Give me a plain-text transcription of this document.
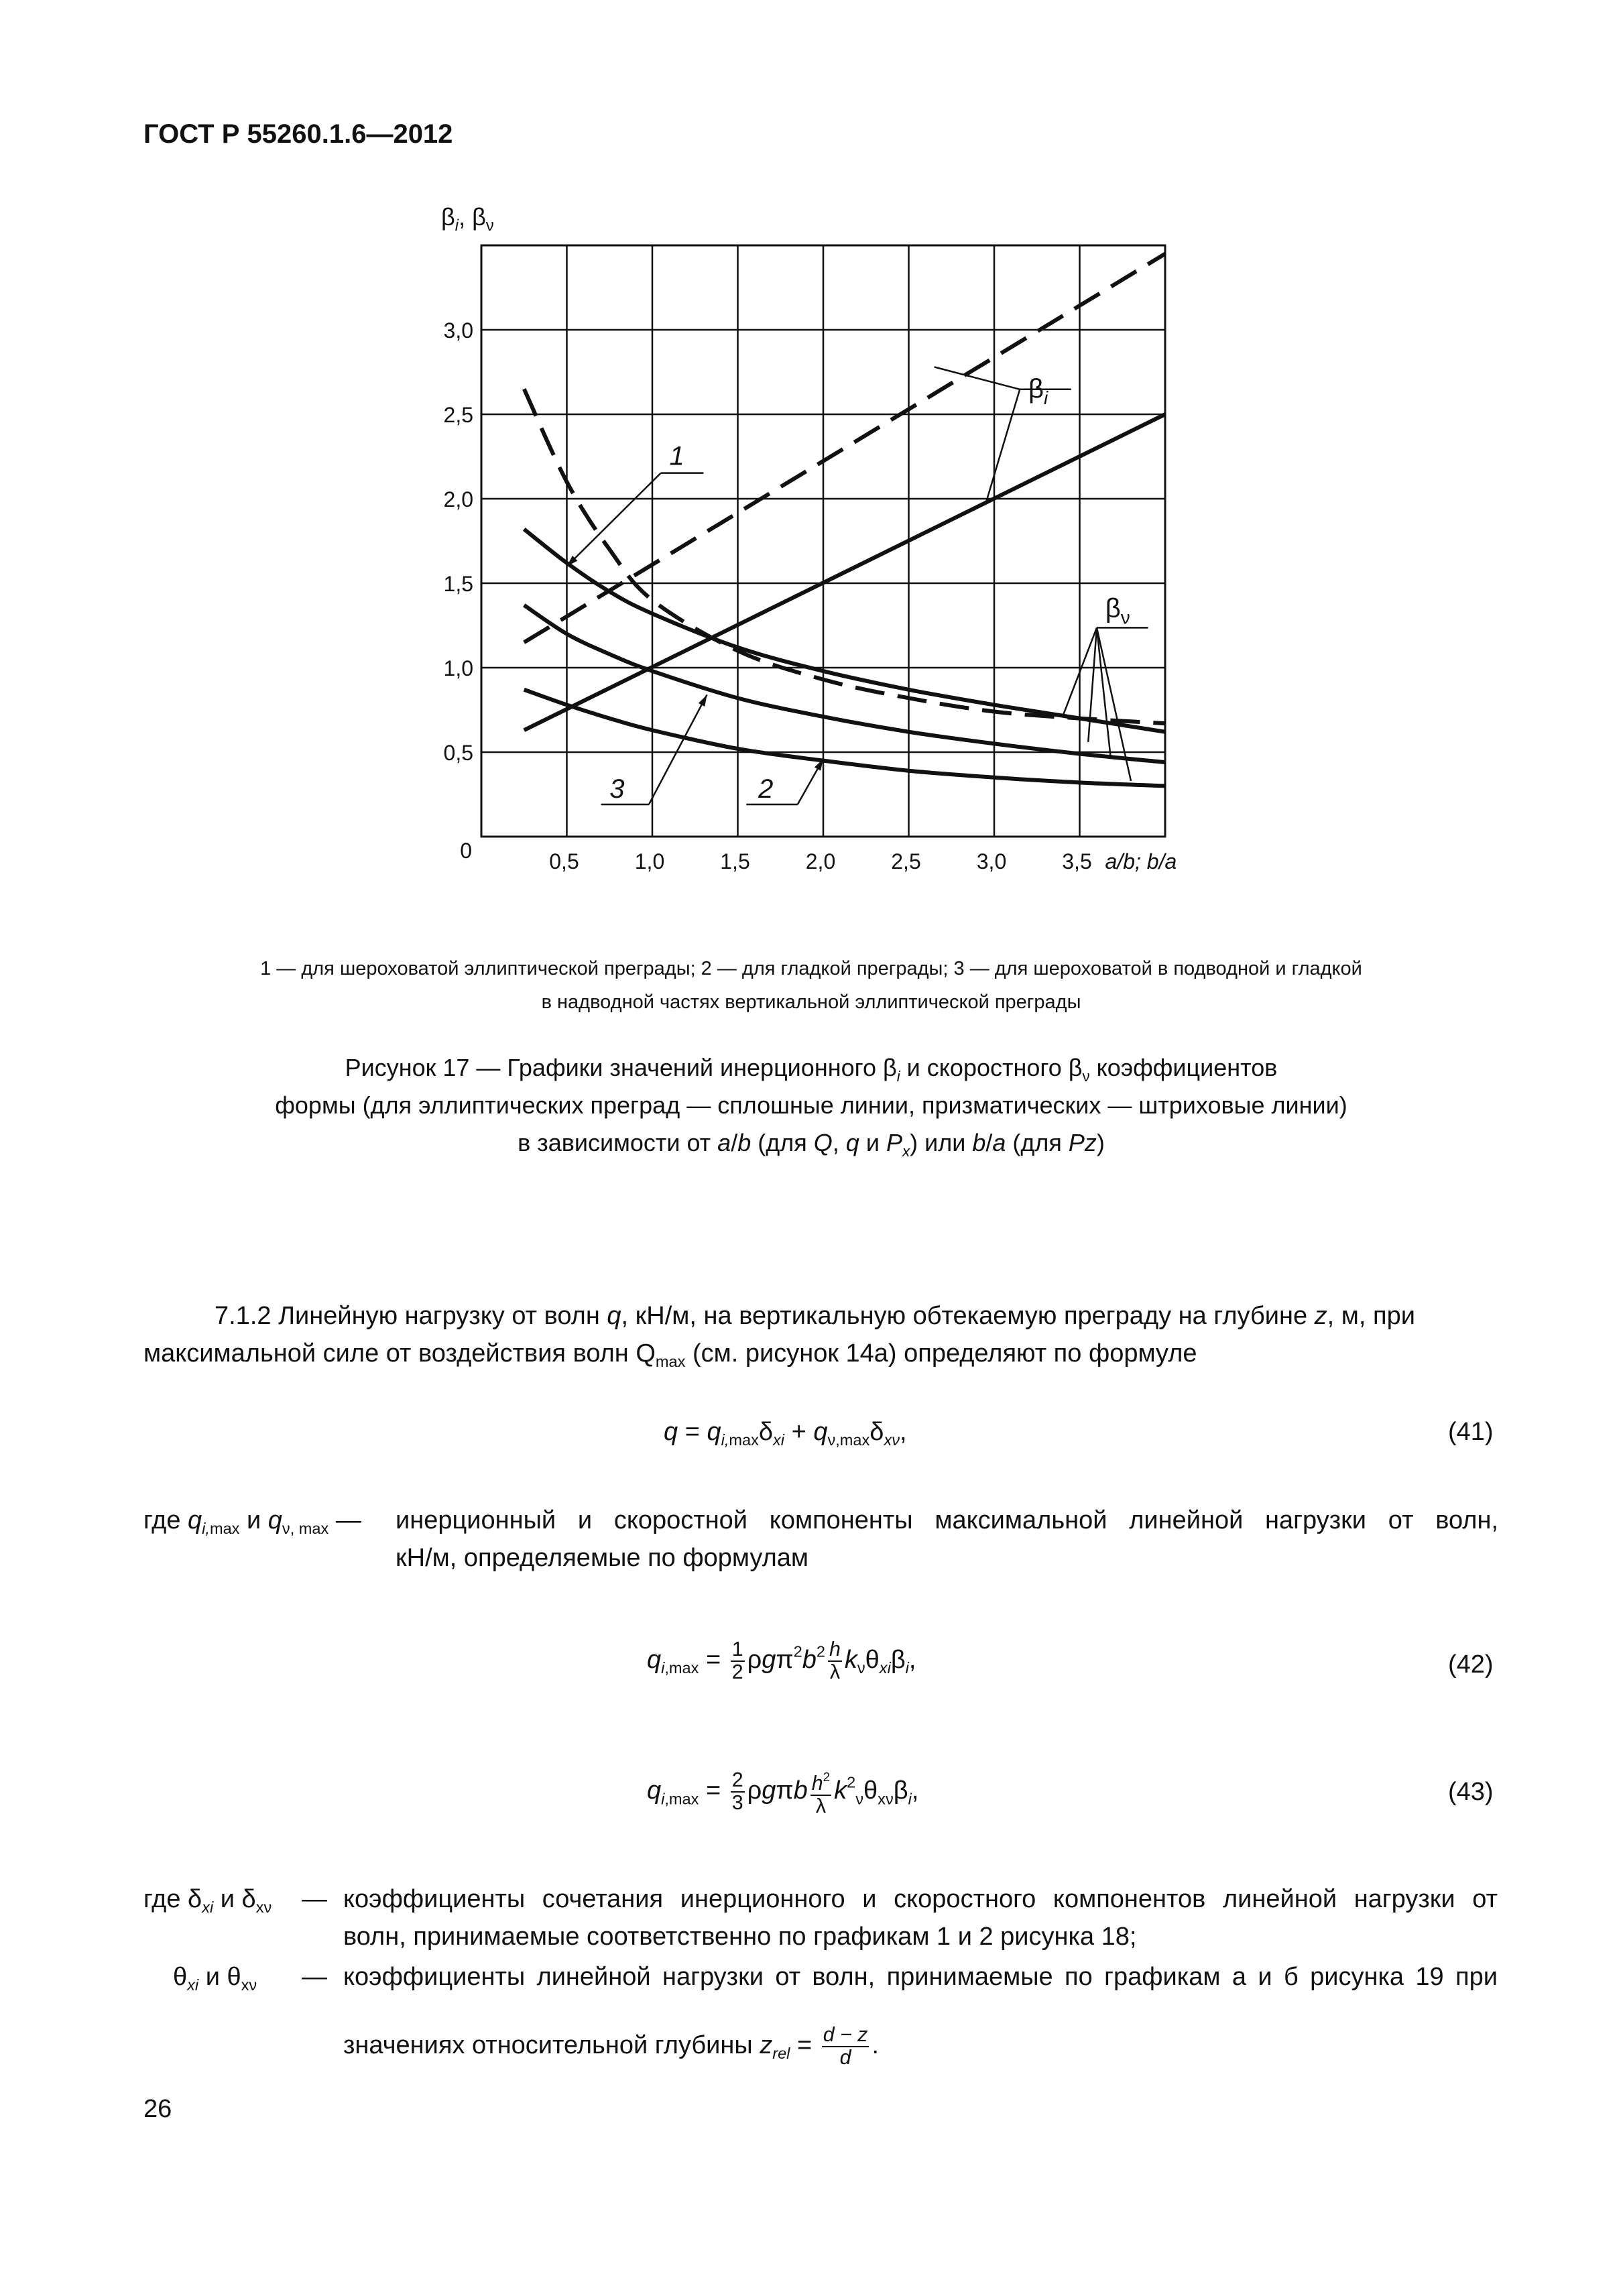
ГОСТ Р 55260.1.6—2012
0,5
1,0
1,5
2,0
2,5
3,0
0,5	1,0	1,5	2,0	2,5	3,0	3,5
0	a/b; b/a
$\beta_i$, $\beta_\nu$
$\beta_i$
$\beta_\nu$
1
3	2
1 — для шероховатой эллиптической преграды; 2 — для гладкой преграды; 3 — для шероховатой в подводной и гладкой
в надводной частях вертикальной эллиптической преграды
Рисунок 17 — Графики значений инерционного $\beta_i$ и скоростного $\beta_\nu$ коэффициентов
формы (для эллиптических преград — сплошные линии, призматических — штриховые линии)
в зависимости от a/b (для Q, q и $P_x$) или b/a (для Pz)
7.1.2 Линейную нагрузку от волн q, кН/м, на вертикальную обтекаемую преграду на глубине z, м, при
максимальной силе от воздействия волн $Q_{max}$ (см. рисунок 14а) определяют по формуле
$q = q_{i,max}\delta_{xi} + q_{\nu,max}\delta_{x\nu}$,	(41)
где $q_{i,max}$ и $q_{\nu, max}$ —	инерционный и скоростной компоненты максимальной линейной нагрузки от волн,
кН/м, определяемые по формулам
$q_{i,max} = \frac{1}{2} \rho g\pi^2b^2 \frac{h}{\lambda} k_\nu\theta_{xi}\beta_i$,	(42)
$q_{i,max} = \frac{2}{3}$ ρgπb $\frac{h^2}{\lambda} k^2_\nu\theta_{x\nu}\beta_i$,	(43)
где $\delta_{xi}$ и $\delta_{x\nu}$ — коэффициенты сочетания инерционного и скоростного компонентов линейной нагрузки от
волн, принимаемые соответственно по графикам 1 и 2 рисунка 18;
$\theta_{xi}$ и $\theta_{x\nu}$ — коэффициенты линейной нагрузки от волн, принимаемые по графикам а и б рисунка 19 при
значениях относительной глубины $z_{rel} = \frac{d - z}{d}$ .
26
